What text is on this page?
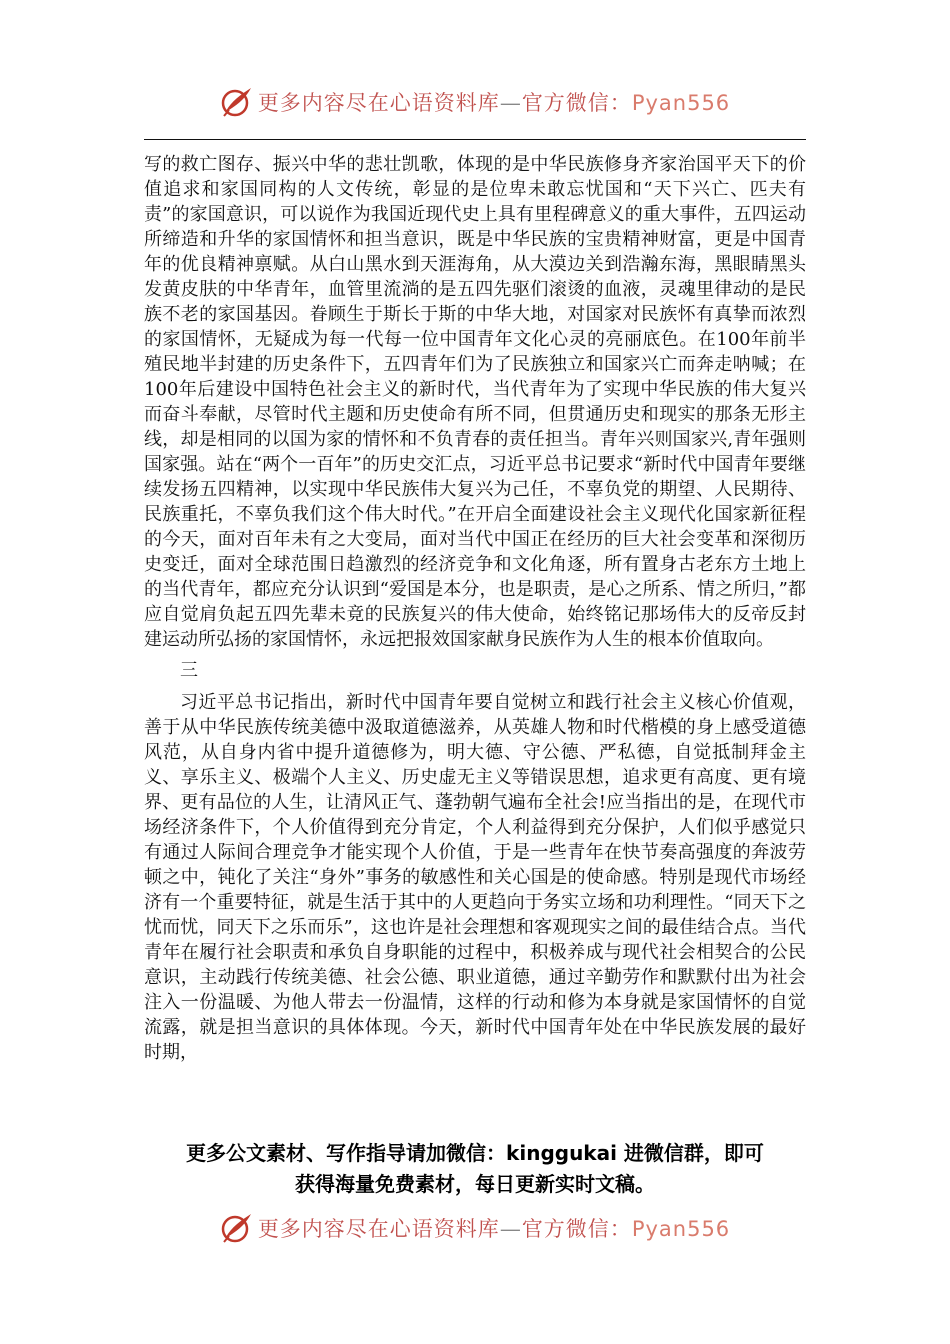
更多内容尽在心语资料库—官方微信：Pyan556

写的救亡图存、振兴中华的悲壮凯歌，体现的是中华民族修身齐家治国平天下的价值追求和家国同构的人文传统，彰显的是位卑未敢忘忧国和“天下兴亡、匹夫有责”的家国意识，可以说作为我国近现代史上具有里程碑意义的重大事件，五四运动所缔造和升华的家国情怀和担当意识，既是中华民族的宝贵精神财富，更是中国青年的优良精神禀赋。从白山黑水到天涯海角，从大漠边关到浩瀚东海，黑眼睛黑头发黄皮肤的中华青年，血管里流淌的是五四先驱们滚烫的血液，灵魂里律动的是民族不老的家国基因。眷顾生于斯长于斯的中华大地，对国家对民族怀有真挚而浓烈的家国情怀，无疑成为每一代每一位中国青年文化心灵的亮丽底色。在100年前半殖民地半封建的历史条件下，五四青年们为了民族独立和国家兴亡而奔走呐喊；在100年后建设中国特色社会主义的新时代，当代青年为了实现中华民族的伟大复兴而奋斗奉献，尽管时代主题和历史使命有所不同，但贯通历史和现实的那条无形主线，却是相同的以国为家的情怀和不负青春的责任担当。青年兴则国家兴,青年强则国家强。站在“两个一百年”的历史交汇点，习近平总书记要求“新时代中国青年要继续发扬五四精神，以实现中华民族伟大复兴为己任，不辜负党的期望、人民期待、民族重托，不辜负我们这个伟大时代。”在开启全面建设社会主义现代化国家新征程的今天，面对百年未有之大变局，面对当代中国正在经历的巨大社会变革和深彻历史变迁，面对全球范围日趋激烈的经济竞争和文化角逐，所有置身古老东方土地上的当代青年，都应充分认识到“爱国是本分，也是职责，是心之所系、情之所归，”都应自觉肩负起五四先辈未竟的民族复兴的伟大使命，始终铭记那场伟大的反帝反封建运动所弘扬的家国情怀，永远把报效国家献身民族作为人生的根本价值取向。

三

习近平总书记指出，新时代中国青年要自觉树立和践行社会主义核心价值观，善于从中华民族传统美德中汲取道德滋养，从英雄人物和时代楷模的身上感受道德风范，从自身内省中提升道德修为，明大德、守公德、严私德，自觉抵制拜金主义、享乐主义、极端个人主义、历史虚无主义等错误思想，追求更有高度、更有境界、更有品位的人生，让清风正气、蓬勃朝气遍布全社会!应当指出的是，在现代市场经济条件下，个人价值得到充分肯定，个人利益得到充分保护，人们似乎感觉只有通过人际间合理竞争才能实现个人价值，于是一些青年在快节奏高强度的奔波劳顿之中，钝化了关注“身外”事务的敏感性和关心国是的使命感。特别是现代市场经济有一个重要特征，就是生活于其中的人更趋向于务实立场和功利理性。“同天下之忧而忧，同天下之乐而乐”，这也许是社会理想和客观现实之间的最佳结合点。当代青年在履行社会职责和承负自身职能的过程中，积极养成与现代社会相契合的公民意识，主动践行传统美德、社会公德、职业道德，通过辛勤劳作和默默付出为社会注入一份温暖、为他人带去一份温情，这样的行动和修为本身就是家国情怀的自觉流露，就是担当意识的具体体现。今天，新时代中国青年处在中华民族发展的最好时期，

更多公文素材、写作指导请加微信：kinggukai 进微信群，即可
获得海量免费素材，每日更新实时文稿。
更多内容尽在心语资料库—官方微信：Pyan556
